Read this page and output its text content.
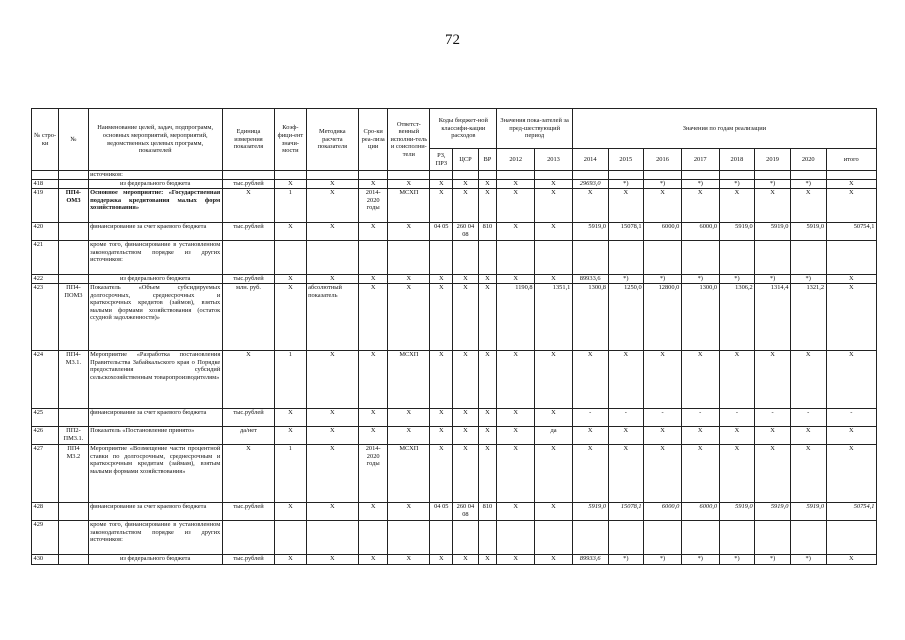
72
№ стро-ки	№	Наименование целей, задач, подпрограмм, основных мероприятий, мероприятий, ведомственных целевых программ, показателей	Единица измерения показателя	Коэф-фици-ент значи-мости	Методика расчета показателя	Сро-ки реа-лиза ции	Ответст-венный исполни-тель и соисполни-тели	Коды бюджет-ной классифи-кации расходов			Значения пока-зателей за пред-шествующий период		Значения по годам реализации							
								РЗ, ПРЗ	ЦСР	ВР	2012	2013	2014	2015	2016	2017	2018	2019	2020	итого
		источников:																		
418		из федерального бюджета	тыс.рублей	X	X	X	X	X	X	X	X	X	29693,0	*)	*)	*)	*)	*)	*)	X
419	ПП4-ОМ3	Основное мероприятие: «Государственная поддержка кредитования малых форм хозяйствования»	X	1	X	2014-2020 годы	МСХП	X	X	X	X	X	X	X	X	X	X	X	X	X
420		финансирование за счет краевого бюджета	тыс.рублей	X	X	X	X	04 05	260 04 08	810	X	X	5919,0	15078,1	6000,0	6000,0	5919,0	5919,0	5919,0	50754,1
421		кроме того, финансирование в установленном законодательством порядке из других источников:																		
422		из федерального бюджета	тыс.рублей	X	X	X	X	X	X	X	X	X	89933,6	*)	*)	*)	*)	*)	*)	X
423	ПП4-ПОМ3	Показатель «Объем субсидируемых долгосрочных, среднесрочных и краткосрочных кредитов (займов), взятых малыми формами хозяйствования (остаток ссудной задолженности)»	млн. руб.	X	абсолютный показатель	X	X	X	X	X	1190,8	1351,1	1300,8	1250,0	12800,0	1300,0	1306,2	1314,4	1321,2	X
424	ПП4-М3.1.	Мероприятие «Разработка постановления Правительства Забайкальского края о Порядке предоставления субсидий сельскохозяйственным товаропроизводителям»	X	1	X	X	МСХП	X	X	X	X	X	X	X	X	X	X	X	X	X
425		финансирование за счет краевого бюджета	тыс.рублей	X	X	X	X	X	X	X	X	X	-	-	-	-	-	-	-	-
426	ПП2-ПМ3.1.	Показатель «Постановление принято»	да/нет	X	X	X	X	X	X	X	X	да	X	X	X	X	X	X	X	X
427	ПП4 М3.2	Мероприятие «Возмещение части процентной ставки по долгосрочным, среднесрочным и краткосрочным кредитам (займам), взятым малыми формами хозяйствования»	X	1	X	2014-2020 годы	МСХП	X	X	X	X	X	X	X	X	X	X	X	X	X
428		финансирование за счет краевого бюджета	тыс.рублей	X	X	X	X	04 05	260 04 08	810	X	X	5919,0	15078,1	6000,0	6000,0	5919,0	5919,0	5919,0	50754,1
429		кроме того, финансирование в установленном законодательством порядке из других источников:																		
430		из федерального бюджета	тыс.рублей	X	X	X	X	X	X	X	X	X	89933,6	*)	*)	*)	*)	*)	*)	X
